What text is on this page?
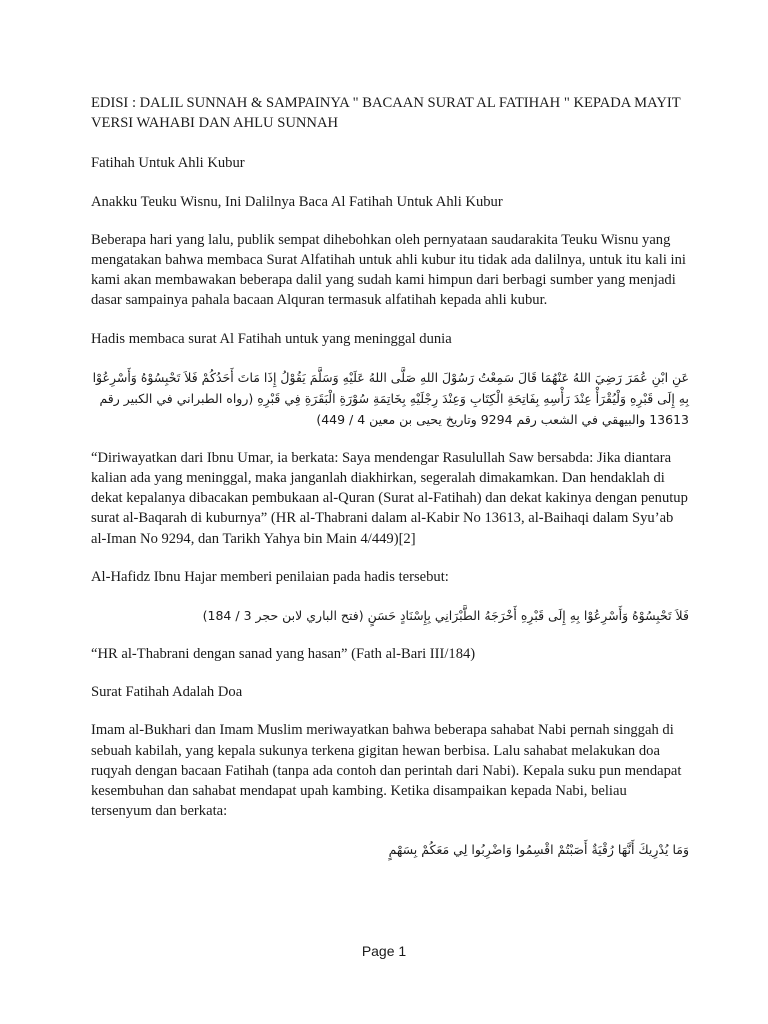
EDISI : DALIL SUNNAH & SAMPAINYA " BACAAN SURAT AL FATIHAH " KEPADA MAYIT
VERSI WAHABI DAN AHLU SUNNAH

Fatihah Untuk Ahli Kubur

Anakku Teuku Wisnu, Ini Dalilnya Baca Al Fatihah Untuk Ahli Kubur

Beberapa hari yang lalu, publik sempat dihebohkan oleh pernyataan saudarakita Teuku Wisnu yang mengatakan bahwa membaca Surat Alfatihah untuk ahli kubur itu tidak ada dalilnya, untuk itu kali ini kami akan membawakan beberapa dalil yang sudah kami himpun dari berbagi sumber yang menjadi dasar sampainya pahala bacaan Alquran termasuk alfatihah kepada ahli kubur.

Hadis membaca surat Al Fatihah untuk yang meninggal dunia

عَنِ ابْنِ عُمَرَ رَضِيَ اللهُ عَنْهُمَا قَالَ سَمِعْتُ رَسُوْلَ اللهِ صَلَّى اللهُ عَلَيْهِ وَسَلَّمَ يَقُوْلُ إِذَا مَاتَ أَحَدُكُمْ فَلاَ تَحْبِسُوْهُ وَأَسْرِعُوْا بِهِ إِلَى قَبْرِهِ وَلْيُقْرَأْ عِنْدَ رَأْسِهِ بِفَاتِحَةِ الْكِتَابِ وَعِنْدَ رِجْلَيْهِ بِخَاتِمَةِ سُوْرَةِ الْبَقَرَةِ فِي قَبْرِهِ (رواه الطبراني في الكبير رقم 13613 والبيهقي في الشعب رقم 9294 وتاريخ يحيى بن معين 4 / 449)

“Diriwayatkan dari Ibnu Umar, ia berkata: Saya mendengar Rasulullah Saw bersabda: Jika diantara kalian ada yang meninggal, maka janganlah diakhirkan, segeralah dimakamkan. Dan hendaklah di dekat kepalanya dibacakan pembukaan al-Quran (Surat al-Fatihah) dan dekat kakinya dengan penutup surat al-Baqarah di kuburnya” (HR al-Thabrani dalam al-Kabir No 13613, al-Baihaqi dalam Syu’ab al-Iman No 9294, dan Tarikh Yahya bin Main 4/449)[2]

Al-Hafidz Ibnu Hajar memberi penilaian pada hadis tersebut:

فَلاَ تَحْبِسُوْهُ وَأَسْرِعُوْا بِهِ إِلَى قَبْرِهِ أَخْرَجَهُ الطَّبْرَانِي بِإِسْنَادٍ حَسَنٍ (فتح الباري لابن حجر 3 / 184)

“HR al-Thabrani dengan sanad yang hasan” (Fath al-Bari III/184)

Surat Fatihah Adalah Doa

Imam al-Bukhari dan Imam Muslim meriwayatkan bahwa beberapa sahabat Nabi pernah singgah di sebuah kabilah, yang kepala sukunya terkena gigitan hewan berbisa. Lalu sahabat melakukan doa ruqyah dengan bacaan Fatihah (tanpa ada contoh dan perintah dari Nabi). Kepala suku pun mendapat kesembuhan dan sahabat mendapat upah kambing. Ketika disampaikan kepada Nabi, beliau tersenyum dan berkata:

وَمَا يُدْرِيكَ أَنَّهَا رُقْيَةٌ أَصَبْتُمْ اقْسِمُوا وَاضْرِبُوا لِي مَعَكُمْ بِسَهْمٍ

Page 1
